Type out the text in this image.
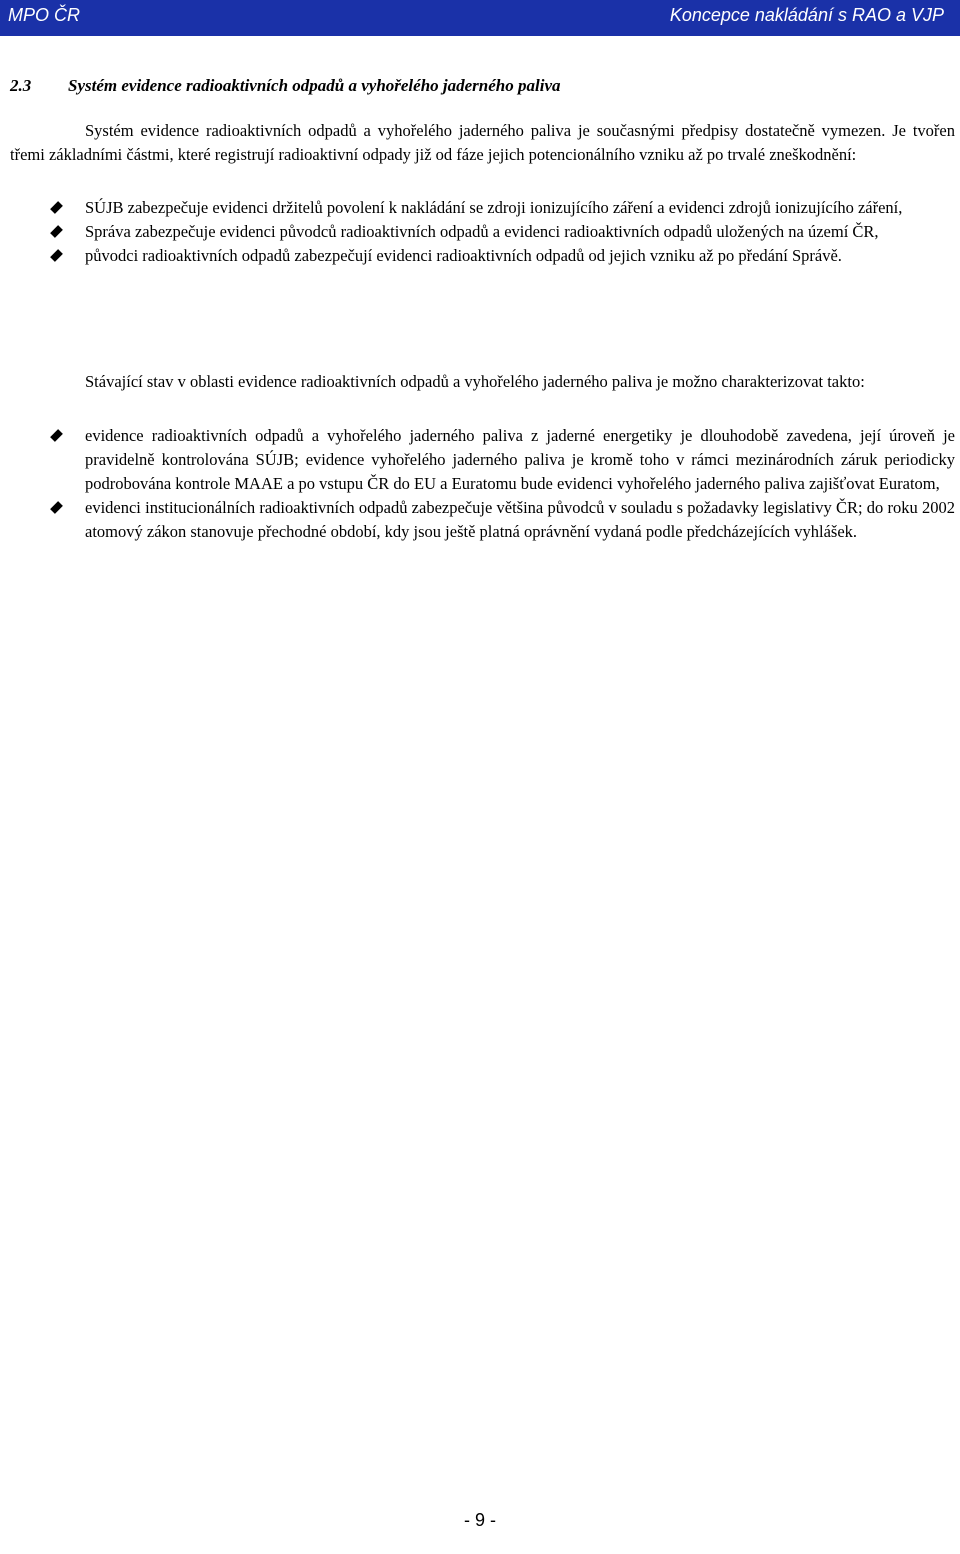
MPO ČR	Koncepce nakládání s RAO a VJP
2.3 Systém evidence radioaktivních odpadů a vyhořelého jaderného paliva
Systém evidence radioaktivních odpadů a vyhořelého jaderného paliva je současnými předpisy dostatečně vymezen. Je tvořen třemi základními částmi, které registrují radioaktivní odpady již od fáze jejich potencionálního vzniku až po trvalé zneškodnění:
SÚJB zabezpečuje evidenci držitelů povolení k nakládání se zdroji ionizujícího záření a evidenci zdrojů ionizujícího záření,
Správa zabezpečuje evidenci původců radioaktivních odpadů a evidenci radioaktivních odpadů uložených na území ČR,
původci radioaktivních odpadů zabezpečují evidenci radioaktivních odpadů od jejich vzniku až po předání Správě.
Stávající stav v oblasti evidence radioaktivních odpadů a vyhořelého jaderného paliva je možno charakterizovat takto:
evidence radioaktivních odpadů a vyhořelého jaderného paliva z jaderné energetiky je dlouhodobě zavedena, její úroveň je pravidelně kontrolována SÚJB; evidence vyhořelého jaderného paliva je kromě toho v rámci mezinárodních záruk periodicky podrobována kontrole MAAE a po vstupu ČR do EU a Euratomu bude evidenci vyhořelého jaderného paliva zajišťovat Euratom,
evidenci institucionálních radioaktivních odpadů zabezpečuje většina původců v souladu s požadavky legislativy ČR; do roku 2002 atomový zákon stanovuje přechodné období, kdy jsou ještě platná oprávnění vydaná podle předcházejících vyhlášek.
- 9 -
